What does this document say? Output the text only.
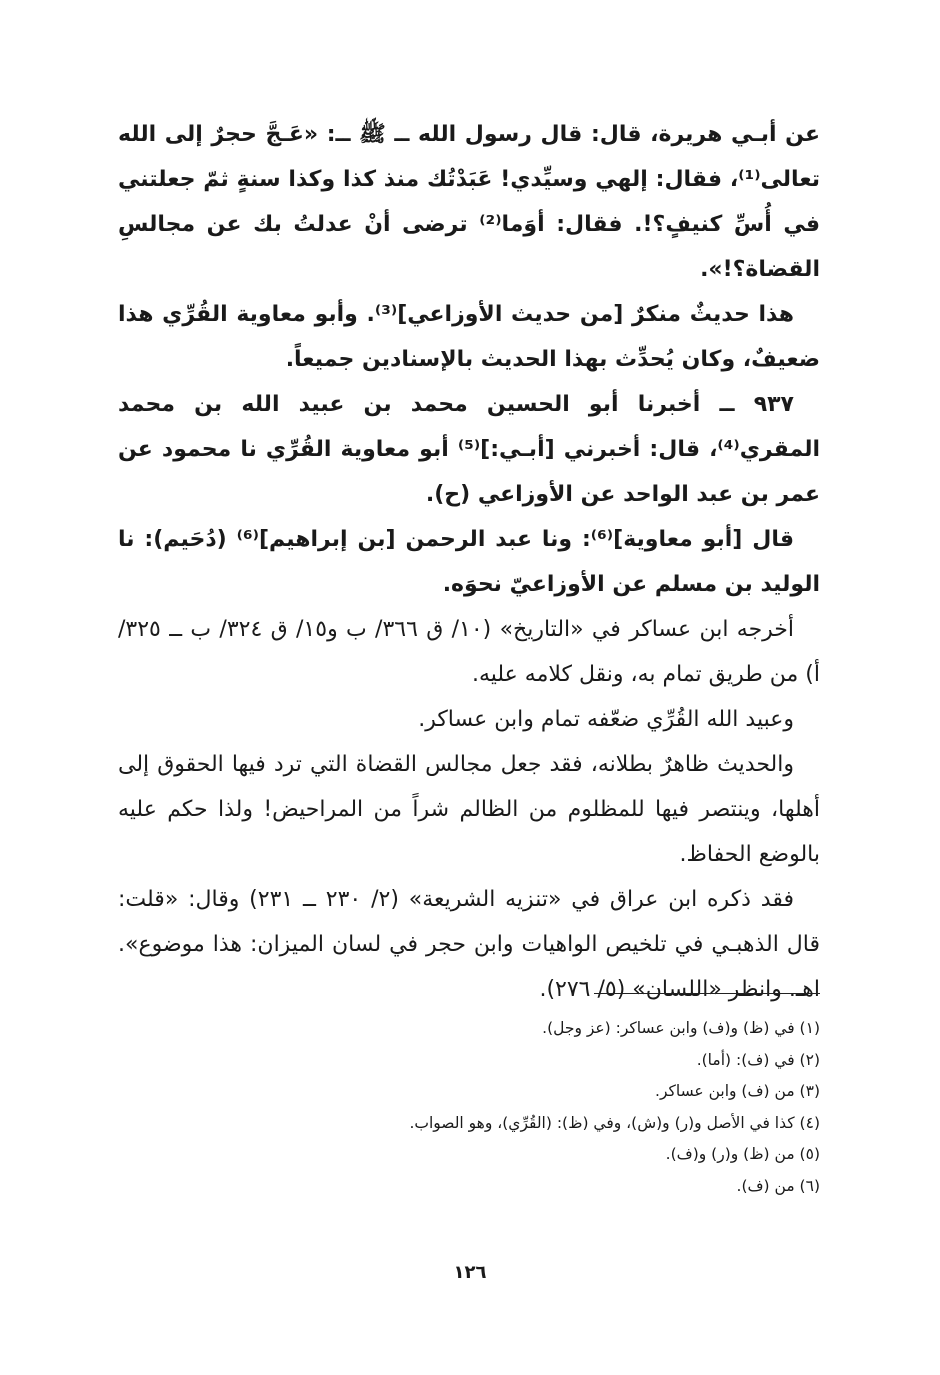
عن أبـي هريرة، قال: قال رسول الله ــ ﷺ ــ: «عَـجَّ حجرٌ إلى الله تعالى⁽¹⁾، فقال: إلهي وسيِّدي! عَبَدْتُك منذ كذا وكذا سنةٍ ثمّ جعلتني في أُسِّ كنيفٍ؟!. فقال: أوَما⁽²⁾ ترضى أنْ عدلتُ بك عن مجالسِ القضاة؟!».

هذا حديثٌ منكرٌ [من حديث الأوزاعي]⁽³⁾. وأبو معاوية القُرِّي هذا ضعيفٌ، وكان يُحدِّث بهذا الحديث بالإسنادين جميعاً.

٩٣٧ ــ أخبرنا أبو الحسين محمد بن عبيد الله بن محمد المقري⁽⁴⁾، قال: أخبرني [أبـي:]⁽⁵⁾ أبو معاوية القُرِّي نا محمود عن عمر بن عبد الواحد عن الأوزاعي (ح).

قال [أبو معاوية]⁽⁶⁾: ونا عبد الرحمن [بن إبراهيم]⁽⁶⁾ (دُحَيم): نا الوليد بن مسلم عن الأوزاعيّ نحوَه.

أخرجه ابن عساكر في «التاريخ» (١٠/ ق ٣٦٦/ ب و١٥/ ق ٣٢٤/ ب ــ ٣٢٥/ أ) من طريق تمام به، ونقل كلامه عليه.

وعبيد الله القُرِّي ضعّفه تمام وابن عساكر.

والحديث ظاهرٌ بطلانه، فقد جعل مجالس القضاة التي ترد فيها الحقوق إلى أهلها، وينتصر فيها للمظلوم من الظالم شراً من المراحيض! ولذا حكم عليه بالوضع الحفاظ.

فقد ذكره ابن عراق في «تنزيه الشريعة» (٢/ ٢٣٠ ــ ٢٣١) وقال: «قلت: قال الذهبـي في تلخيص الواهيات وابن حجر في لسان الميزان: هذا موضوع». اهـ. وانظر «اللسان» (٥/ ٢٧٦).

(١) في (ظ) و(ف) وابن عساكر: (عز وجل).

(٢) في (ف): (أما).

(٣) من (ف) وابن عساكر.

(٤) كذا في الأصل و(ر) و(ش)، وفي (ظ): (القُرِّي)، وهو الصواب.

(٥) من (ظ) و(ر) و(ف).

(٦) من (ف).

١٢٦
